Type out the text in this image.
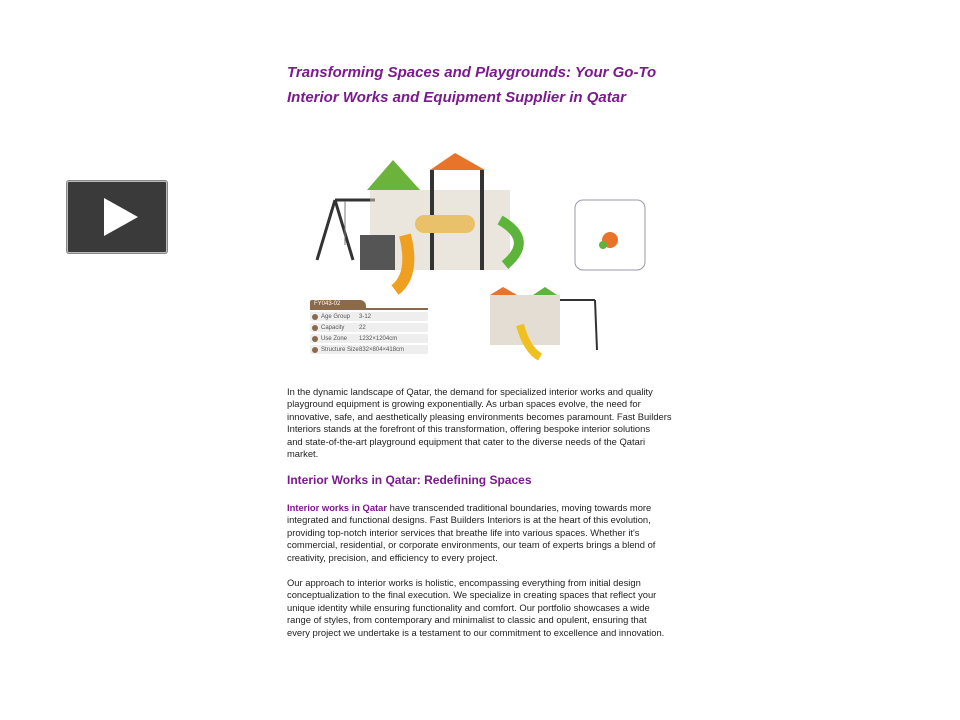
Transforming Spaces and Playgrounds: Your Go-To
Interior Works and Equipment Supplier in Qatar
FY043-02
Age Group	3-12
Capacity	22
Use Zone	1232×1204cm
Structure Size 832×804×418cm
In the dynamic landscape of Qatar, the demand for specialized interior works and quality
playground equipment is growing exponentially. As urban spaces evolve, the need for
innovative, safe, and aesthetically pleasing environments becomes paramount. Fast Builders
Interiors stands at the forefront of this transformation, offering bespoke interior solutions
and state-of-the-art playground equipment that cater to the diverse needs of the Qatari
market.
Interior Works in Qatar: Redefining Spaces
Interior works in Qatar have transcended traditional boundaries, moving towards more
integrated and functional designs. Fast Builders Interiors is at the heart of this evolution,
providing top-notch interior services that breathe life into various spaces. Whether it's
commercial, residential, or corporate environments, our team of experts brings a blend of
creativity, precision, and efficiency to every project.
Our approach to interior works is holistic, encompassing everything from initial design
conceptualization to the final execution. We specialize in creating spaces that reflect your
unique identity while ensuring functionality and comfort. Our portfolio showcases a wide
range of styles, from contemporary and minimalist to classic and opulent, ensuring that
every project we undertake is a testament to our commitment to excellence and innovation.
